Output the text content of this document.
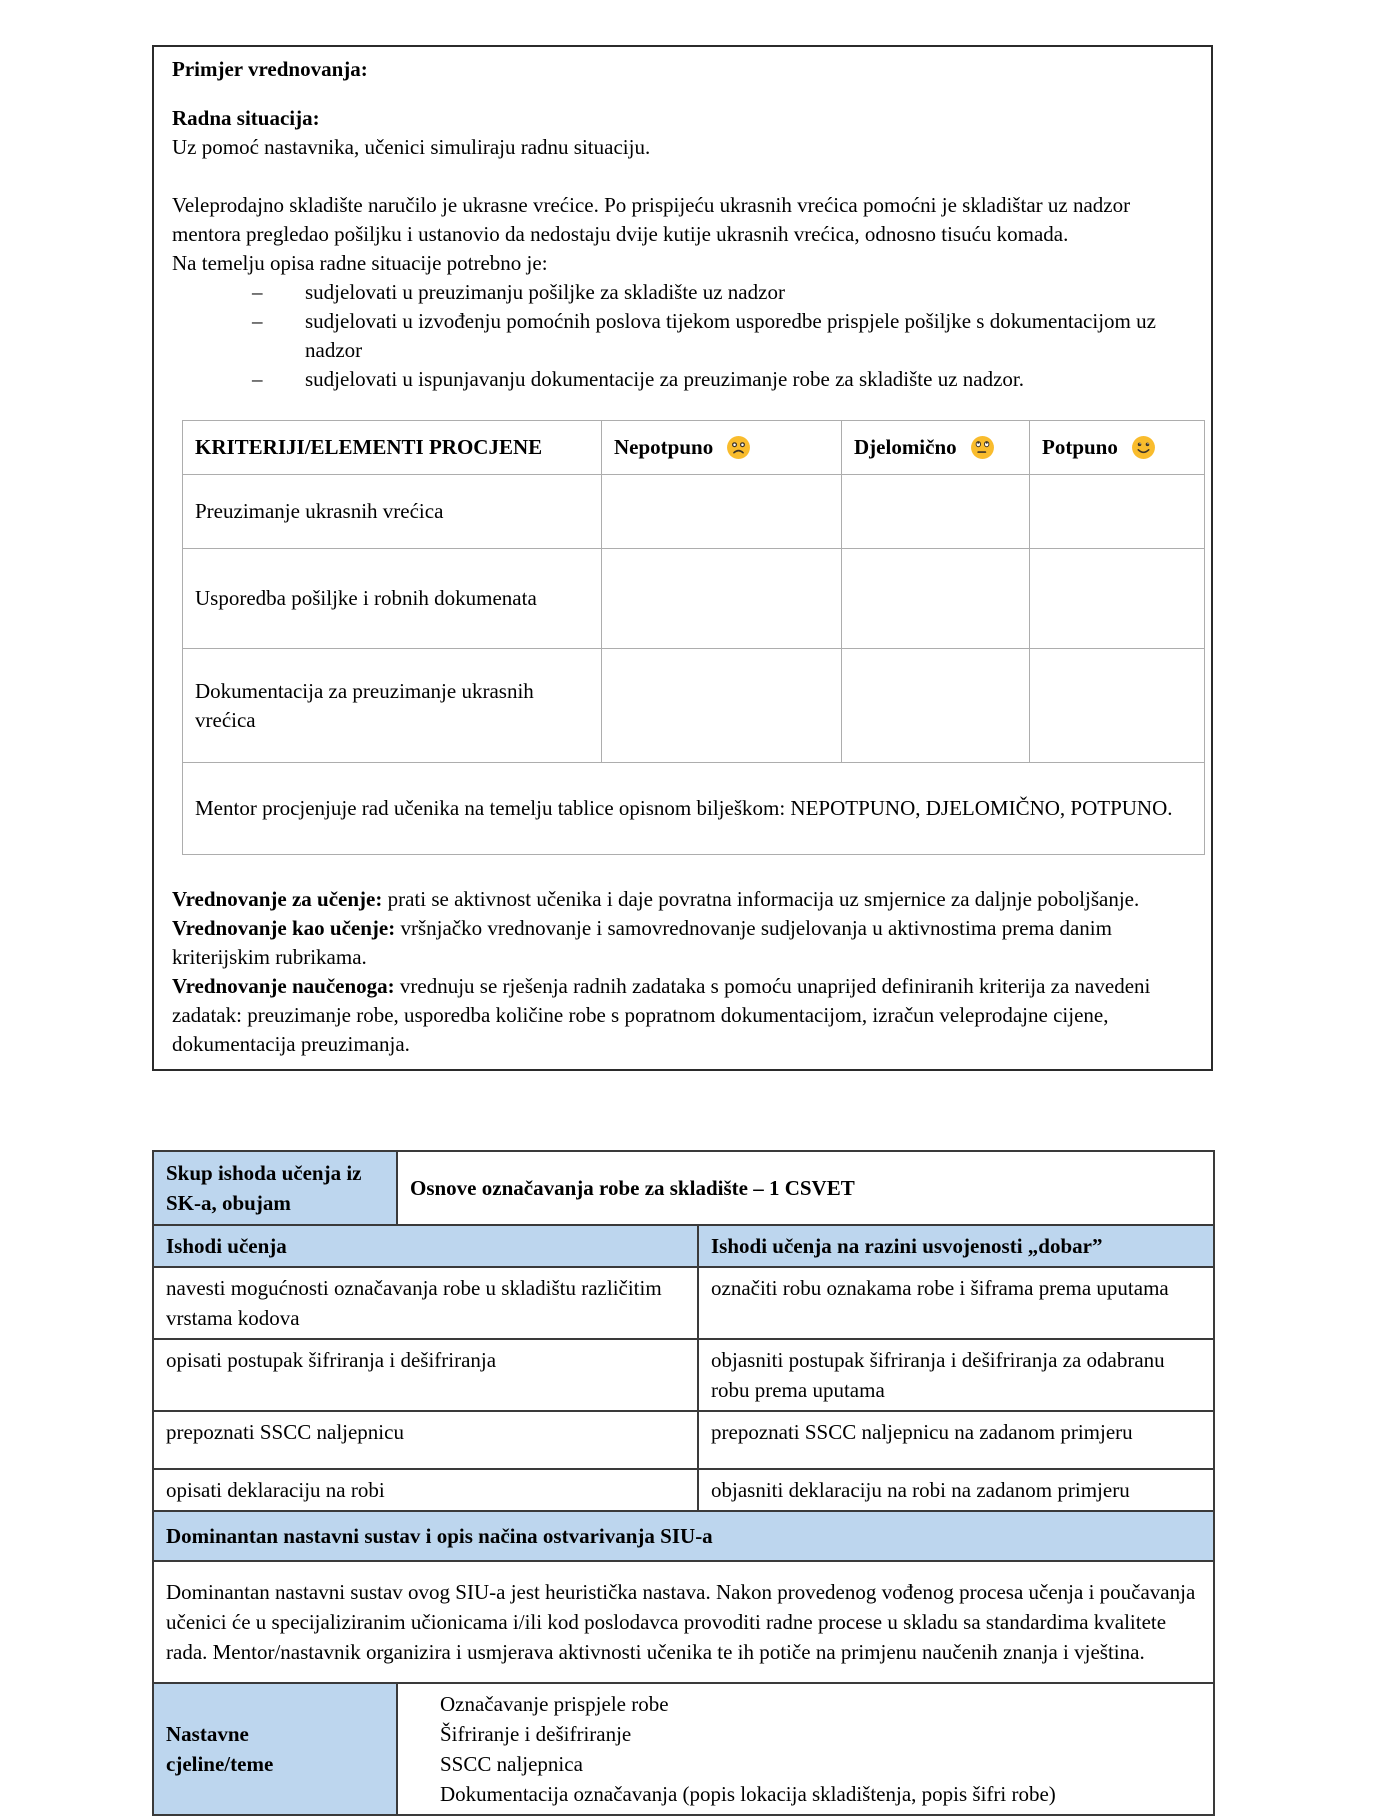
Primjer vrednovanja:

Radna situacija:

Uz pomoć nastavnika, učenici simuliraju radnu situaciju.

Veleprodajno skladište naručilo je ukrasne vrećice. Po prispijeću ukrasnih vrećica pomoćni je skladištar uz nadzor mentora pregledao pošiljku i ustanovio da nedostaju dvije kutije ukrasnih vrećica, odnosno tisuću komada.

Na temelju opisa radne situacije potrebno je:

– sudjelovati u preuzimanju pošiljke za skladište uz nadzor
– sudjelovati u izvođenju pomoćnih poslova tijekom usporedbe prispjele pošiljke s dokumentacijom uz nadzor
– sudjelovati u ispunjavanju dokumentacije za preuzimanje robe za skladište uz nadzor.
KRITERIJI/ELEMENTI PROCJENE	Nepotpuno	Djelomično	Potpuno
Preuzimanje ukrasnih vrećica			
Usporedba pošiljke i robnih dokumenata			
Dokumentacija za preuzimanje ukrasnih vrećica			
Mentor procjenjuje rad učenika na temelju tablice opisnom bilješkom: NEPOTPUNO, DJELOMIČNO, POTPUNO.			

Vrednovanje za učenje: prati se aktivnost učenika i daje povratna informacija uz smjernice za daljnje poboljšanje.

Vrednovanje kao učenje: vršnjačko vrednovanje i samovrednovanje sudjelovanja u aktivnostima prema danim kriterijskim rubrikama.

Vrednovanje naučenoga: vrednuju se rješenja radnih zadataka s pomoću unaprijed definiranih kriterija za navedeni zadatak: preuzimanje robe, usporedba količine robe s popratnom dokumentacijom, izračun veleprodajne cijene, dokumentacija preuzimanja.

Skup ishoda učenja iz SK-a, obujam	Osnove označavanja robe za skladište – 1 CSVET	
Ishodi učenja		Ishodi učenja na razini usvojenosti „dobar”
navesti mogućnosti označavanja robe u skladištu različitim vrstama kodova		označiti robu oznakama robe i šiframa prema uputama
opisati postupak šifriranja i dešifriranja		objasniti postupak šifriranja i dešifriranja za odabranu robu prema uputama
prepoznati SSCC naljepnicu		prepoznati SSCC naljepnicu na zadanom primjeru
opisati deklaraciju na robi		objasniti deklaraciju na robi na zadanom primjeru
Dominantan nastavni sustav i opis načina ostvarivanja SIU-a		
Dominantan nastavni sustav ovog SIU-a jest heuristička nastava. Nakon provedenog vođenog procesa učenja i poučavanja učenici će u specijaliziranim učionicama i/ili kod poslodavca provoditi radne procese u skladu sa standardima kvalitete rada. Mentor/nastavnik organizira i usmjerava aktivnosti učenika te ih potiče na primjenu naučenih znanja i vještina.		

Nastavne cjeline/teme	Označavanje prispjele robe
Šifriranje i dešifriranje
SSCC naljepnica
Dokumentacija označavanja (popis lokacija skladištenja, popis šifri robe)	
